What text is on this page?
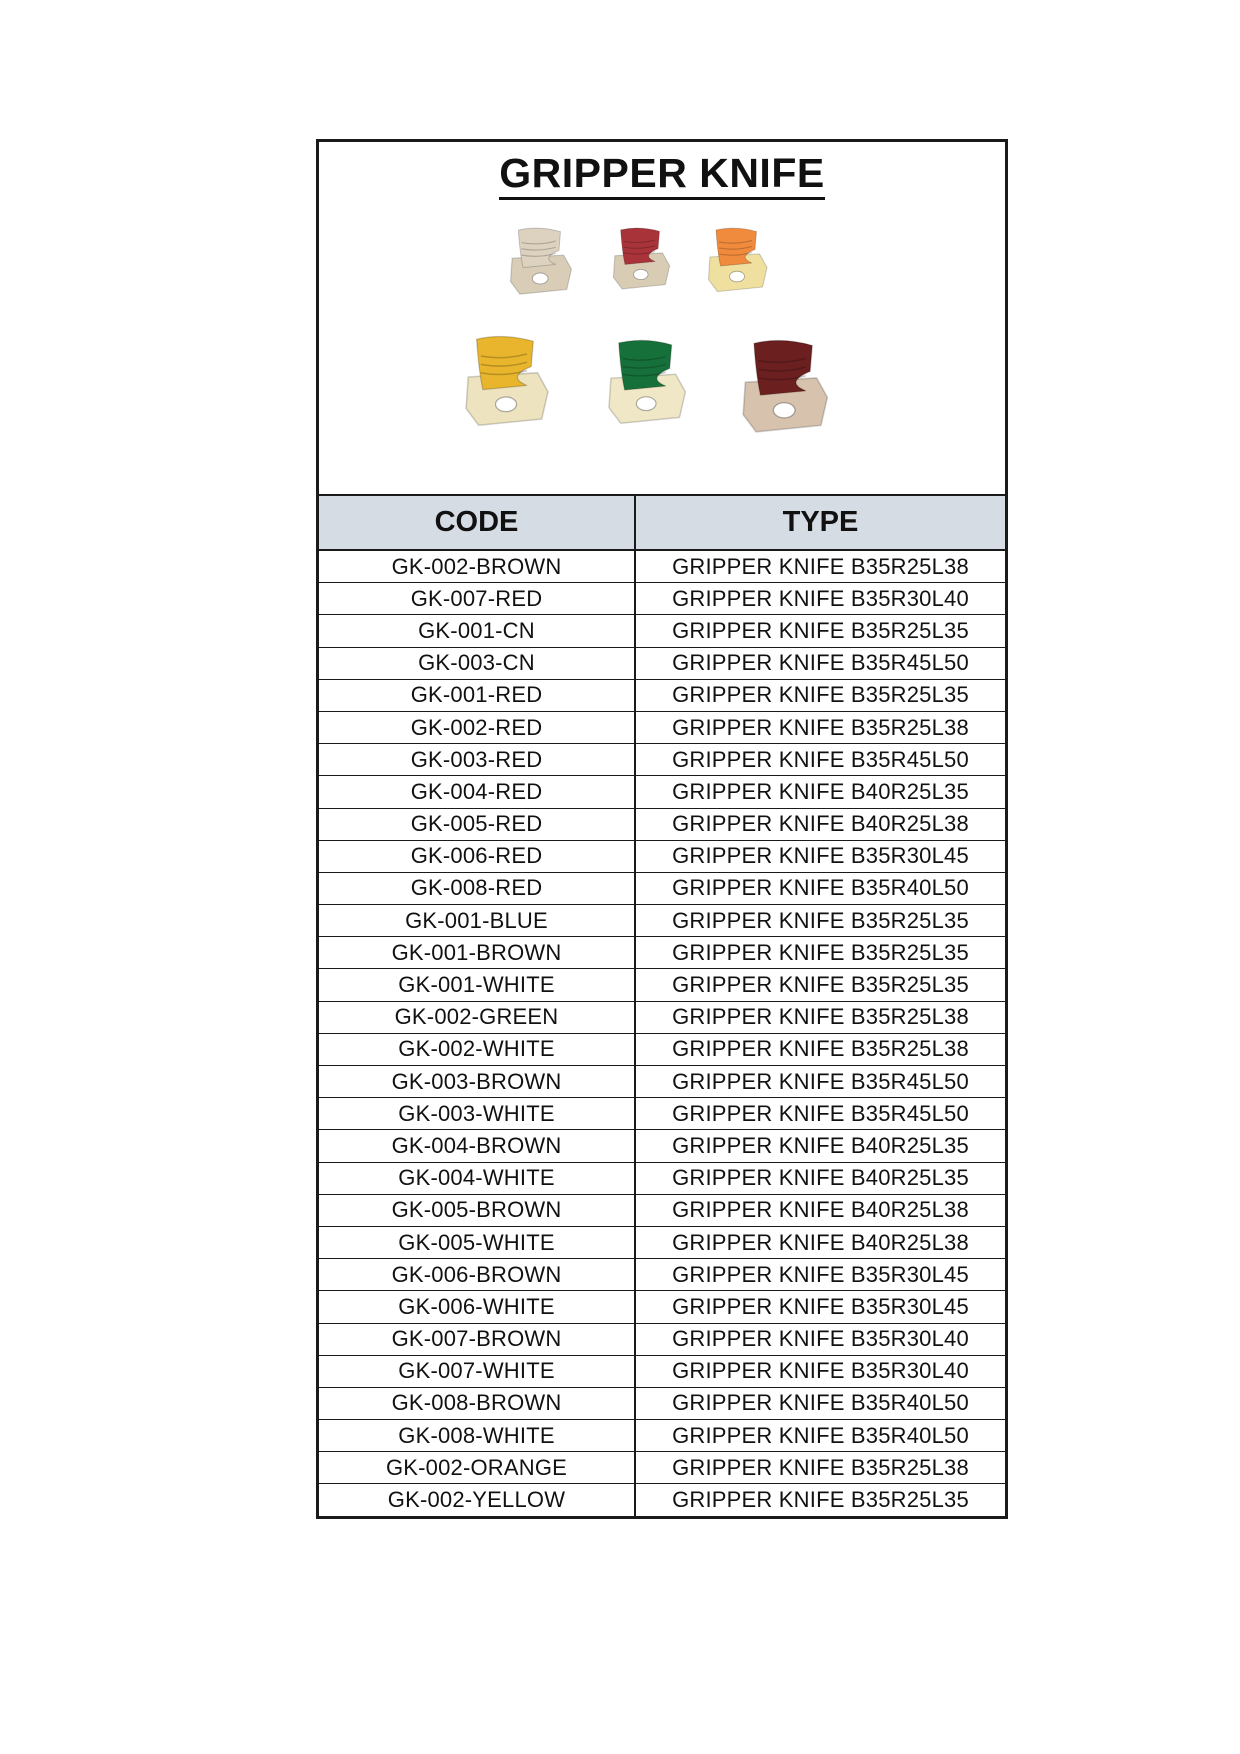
GRIPPER KNIFE
CODE	TYPE
GK-002-BROWN	GRIPPER KNIFE B35R25L38
GK-007-RED	GRIPPER KNIFE B35R30L40
GK-001-CN	GRIPPER KNIFE B35R25L35
GK-003-CN	GRIPPER KNIFE B35R45L50
GK-001-RED	GRIPPER KNIFE B35R25L35
GK-002-RED	GRIPPER KNIFE B35R25L38
GK-003-RED	GRIPPER KNIFE B35R45L50
GK-004-RED	GRIPPER KNIFE B40R25L35
GK-005-RED	GRIPPER KNIFE B40R25L38
GK-006-RED	GRIPPER KNIFE B35R30L45
GK-008-RED	GRIPPER KNIFE B35R40L50
GK-001-BLUE	GRIPPER KNIFE B35R25L35
GK-001-BROWN	GRIPPER KNIFE B35R25L35
GK-001-WHITE	GRIPPER KNIFE B35R25L35
GK-002-GREEN	GRIPPER KNIFE B35R25L38
GK-002-WHITE	GRIPPER KNIFE B35R25L38
GK-003-BROWN	GRIPPER KNIFE B35R45L50
GK-003-WHITE	GRIPPER KNIFE B35R45L50
GK-004-BROWN	GRIPPER KNIFE B40R25L35
GK-004-WHITE	GRIPPER KNIFE B40R25L35
GK-005-BROWN	GRIPPER KNIFE B40R25L38
GK-005-WHITE	GRIPPER KNIFE B40R25L38
GK-006-BROWN	GRIPPER KNIFE B35R30L45
GK-006-WHITE	GRIPPER KNIFE B35R30L45
GK-007-BROWN	GRIPPER KNIFE B35R30L40
GK-007-WHITE	GRIPPER KNIFE B35R30L40
GK-008-BROWN	GRIPPER KNIFE B35R40L50
GK-008-WHITE	GRIPPER KNIFE B35R40L50
GK-002-ORANGE	GRIPPER KNIFE B35R25L38
GK-002-YELLOW	GRIPPER KNIFE B35R25L35
